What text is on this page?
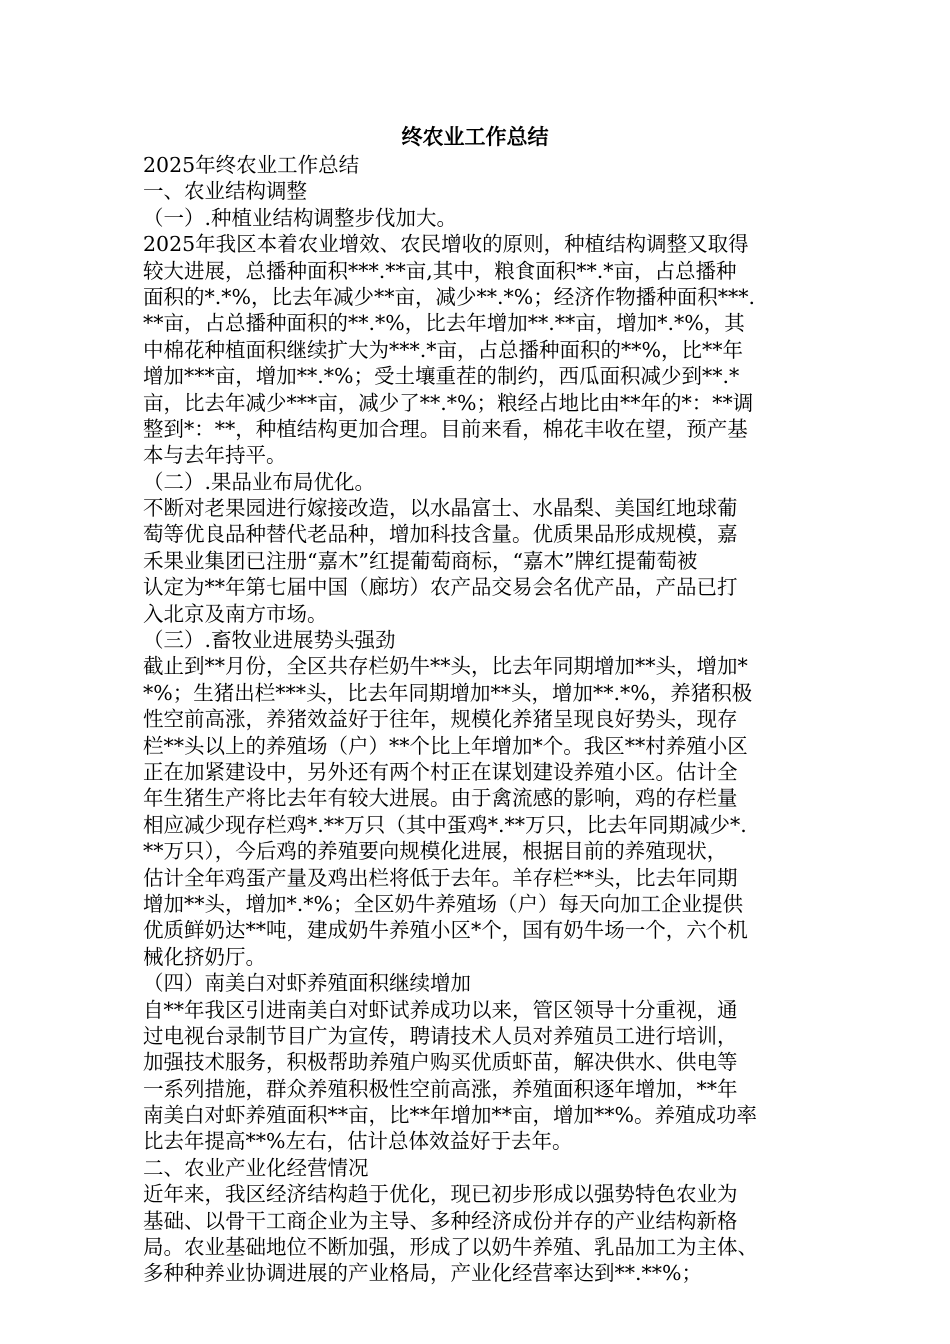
终农业工作总结
2025年终农业工作总结
一、农业结构调整
（一）.种植业结构调整步伐加大。
2025年我区本着农业增效、农民增收的原则，种植结构调整又取得
较大进展，总播种面积***.**亩,其中，粮食面积**.*亩，占总播种
面积的*.*%，比去年减少**亩，减少**.*%；经济作物播种面积***.
**亩，占总播种面积的**.*%，比去年增加**.**亩，增加*.*%，其
中棉花种植面积继续扩大为***.*亩，占总播种面积的**%，比**年
增加***亩，增加**.*%；受土壤重茬的制约，西瓜面积减少到**.*
亩，比去年减少***亩，减少了**.*%；粮经占地比由**年的*：**调
整到*：**，种植结构更加合理。目前来看，棉花丰收在望，预产基
本与去年持平。
（二）.果品业布局优化。
不断对老果园进行嫁接改造，以水晶富士、水晶梨、美国红地球葡
萄等优良品种替代老品种，增加科技含量。优质果品形成规模，嘉
禾果业集团已注册“嘉木”红提葡萄商标，“嘉木”牌红提葡萄被
认定为**年第七届中国（廊坊）农产品交易会名优产品，产品已打
入北京及南方市场。
（三）.畜牧业进展势头强劲
截止到**月份，全区共存栏奶牛**头，比去年同期增加**头，增加*
*%；生猪出栏***头，比去年同期增加**头，增加**.*%，养猪积极
性空前高涨，养猪效益好于往年，规模化养猪呈现良好势头，现存
栏**头以上的养殖场（户）**个比上年增加*个。我区**村养殖小区
正在加紧建设中，另外还有两个村正在谋划建设养殖小区。估计全
年生猪生产将比去年有较大进展。由于禽流感的影响，鸡的存栏量
相应减少现存栏鸡*.**万只（其中蛋鸡*.**万只，比去年同期减少*.
**万只），今后鸡的养殖要向规模化进展，根据目前的养殖现状，
估计全年鸡蛋产量及鸡出栏将低于去年。羊存栏**头，比去年同期
增加**头，增加*.*%；全区奶牛养殖场（户）每天向加工企业提供
优质鲜奶达**吨，建成奶牛养殖小区*个，国有奶牛场一个，六个机
械化挤奶厅。
（四）南美白对虾养殖面积继续增加
自**年我区引进南美白对虾试养成功以来，管区领导十分重视，通
过电视台录制节目广为宣传，聘请技术人员对养殖员工进行培训，
加强技术服务，积极帮助养殖户购买优质虾苗，解决供水、供电等
一系列措施，群众养殖积极性空前高涨，养殖面积逐年增加，**年
南美白对虾养殖面积**亩，比**年增加**亩，增加**%。养殖成功率
比去年提高**%左右，估计总体效益好于去年。
二、农业产业化经营情况
近年来，我区经济结构趋于优化，现已初步形成以强势特色农业为
基础、以骨干工商企业为主导、多种经济成份并存的产业结构新格
局。农业基础地位不断加强，形成了以奶牛养殖、乳品加工为主体、
多种种养业协调进展的产业格局，产业化经营率达到**.**%；
